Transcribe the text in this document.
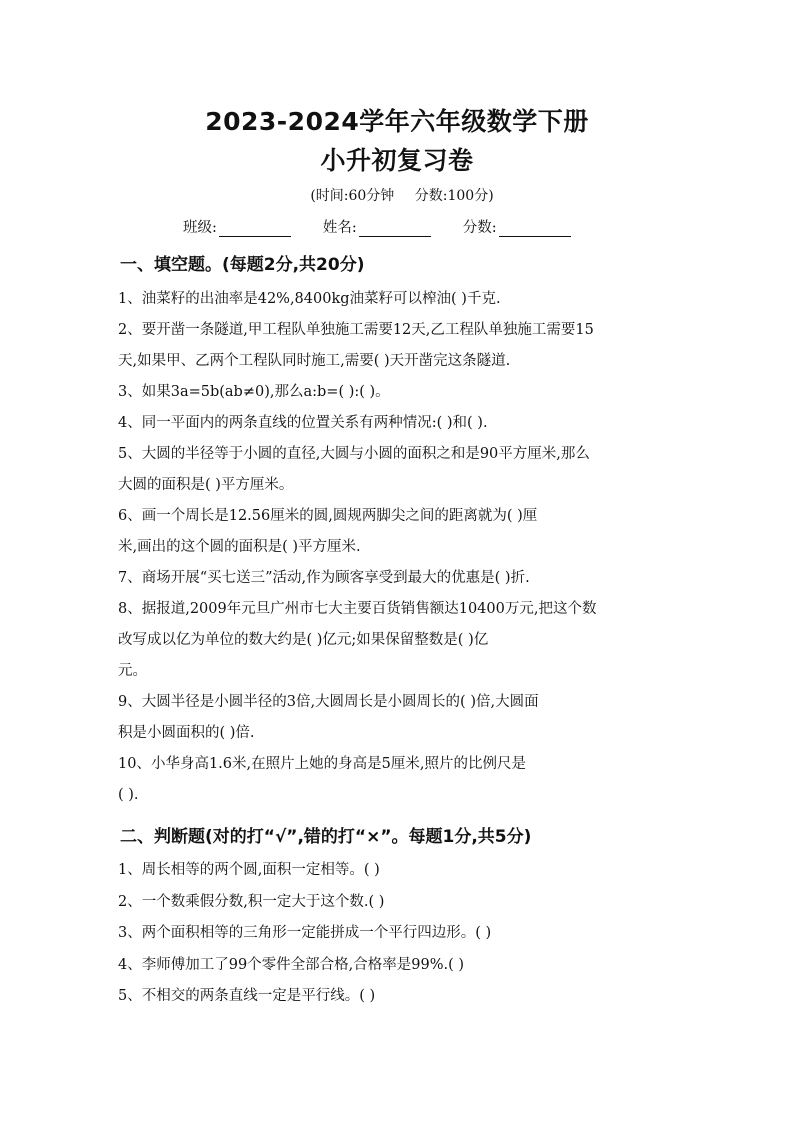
2023-2024学年六年级数学下册
小升初复习卷
(时间:60分钟 分数:100分)
班级:	姓名:	分数:
一、填空题。(每题2分,共20分)
1、油菜籽的出油率是42%,8400kg油菜籽可以榨油( )千克.
2、要开凿一条隧道,甲工程队单独施工需要12天,乙工程队单独施工需要15
天,如果甲、乙两个工程队同时施工,需要( )天开凿完这条隧道.
3、如果3a=5b(ab≠0),那么a:b=( ):( )。
4、同一平面内的两条直线的位置关系有两种情况:( )和( ).
5、大圆的半径等于小圆的直径,大圆与小圆的面积之和是90平方厘米,那么
大圆的面积是( )平方厘米。
6、画一个周长是12.56厘米的圆,圆规两脚尖之间的距离就为( )厘
米,画出的这个圆的面积是( )平方厘米.
7、商场开展“买七送三”活动,作为顾客享受到最大的优惠是( )折.
8、据报道,2009年元旦广州市七大主要百货销售额达10400万元,把这个数
改写成以亿为单位的数大约是( )亿元;如果保留整数是( )亿
元。
9、大圆半径是小圆半径的3倍,大圆周长是小圆周长的( )倍,大圆面
积是小圆面积的( )倍.
10、小华身高1.6米,在照片上她的身高是5厘米,照片的比例尺是
( ).
二、判断题(对的打“√”,错的打“×”。每题1分,共5分)
1、周长相等的两个圆,面积一定相等。( )
2、一个数乘假分数,积一定大于这个数.( )
3、两个面积相等的三角形一定能拼成一个平行四边形。( )
4、李师傅加工了99个零件全部合格,合格率是99%.( )
5、不相交的两条直线一定是平行线。( )
